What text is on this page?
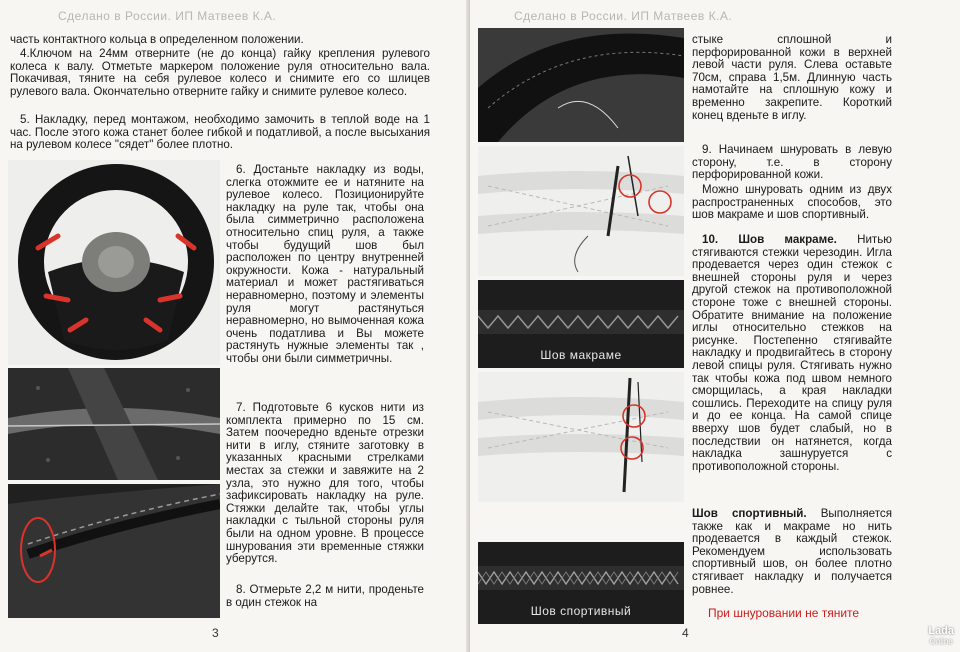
Сделано в России. ИП Матвеев К.А.
часть контактного кольца в определенном положении.
4.Ключом на 24мм отверните (не до конца) гайку крепления рулевого колеса к валу. Отметьте маркером положение руля относительно вала. Покачивая, тяните на себя рулевое колесо и снимите его со шлицев рулевого вала. Окончательно отверните гайку и снимите рулевое колесо.
5. Накладку, перед монтажом, необходимо замочить в теплой воде на 1 час. После этого кожа станет более гибкой и податливой, а после высыхания на рулевом колесе "сядет" более плотно.
6. Достаньте накладку из воды, слегка отожмите ее и натяните на рулевое колесо. Позиционируйте накладку на руле так, чтобы она была симметрично расположена относительно спиц руля, а также чтобы будущий шов был расположен по центру внутренней окружности. Кожа - натуральный материал и может растягиваться неравномерно, поэтому и элементы руля могут растянуться неравномерно, но вымоченная кожа очень податлива и Вы можете растянуть нужные элементы так , чтобы они были симметричны.
7. Подготовьте 6 кусков нити из комплекта примерно по 15 см. Затем поочередно вденьте отрезки нити в иглу, стяните заготовку в указанных красными стрелками местах за стежки и завяжите на 2 узла, это нужно для того, чтобы зафиксировать накладку на руле. Стяжки делайте так, чтобы углы накладки с тыльной стороны руля были на одном уровне. В процессе шнурования эти временные стяжки уберутся.
8. Отмерьте 2,2 м нити, проденьте в один стежок на
3
Сделано в России. ИП Матвеев К.А.
Шов макраме
Шов спортивный
стыке сплошной и перфорированной кожи в верхней левой части руля. Слева оставьте 70см, справа 1,5м. Длинную часть намотайте на сплошную кожу и временно закрепите. Короткий конец вденьте в иглу.
9. Начинаем шнуровать в левую сторону, т.е. в сторону перфорированной кожи.
Можно шнуровать одним из двух распространенных способов, это шов макраме и шов спортивный.
10. Шов макраме. Нитью стягиваются стежки черезодин. Игла продевается через один стежок с внешней стороны руля и через другой стежок на противоположной стороне тоже с внешней стороны. Обратите внимание на положение иглы относительно стежков на рисунке. Постепенно стягивайте накладку и продвигайтесь в сторону левой спицы руля. Стягивать нужно так чтобы кожа под швом немного сморщилась, а края накладки сошлись. Переходите на спицу руля и до ее конца. На самой спице вверху шов будет слабый, но в последствии он натянется, когда накладка зашнуруется с противоположной стороны.
Шов спортивный. Выполняется также как и макраме но нить продевается в каждый стежок. Рекомендуем использовать спортивный шов, он более плотно стягивает накладку и получается ровнее.
При шнуровании не тяните
4	Lada
Online
